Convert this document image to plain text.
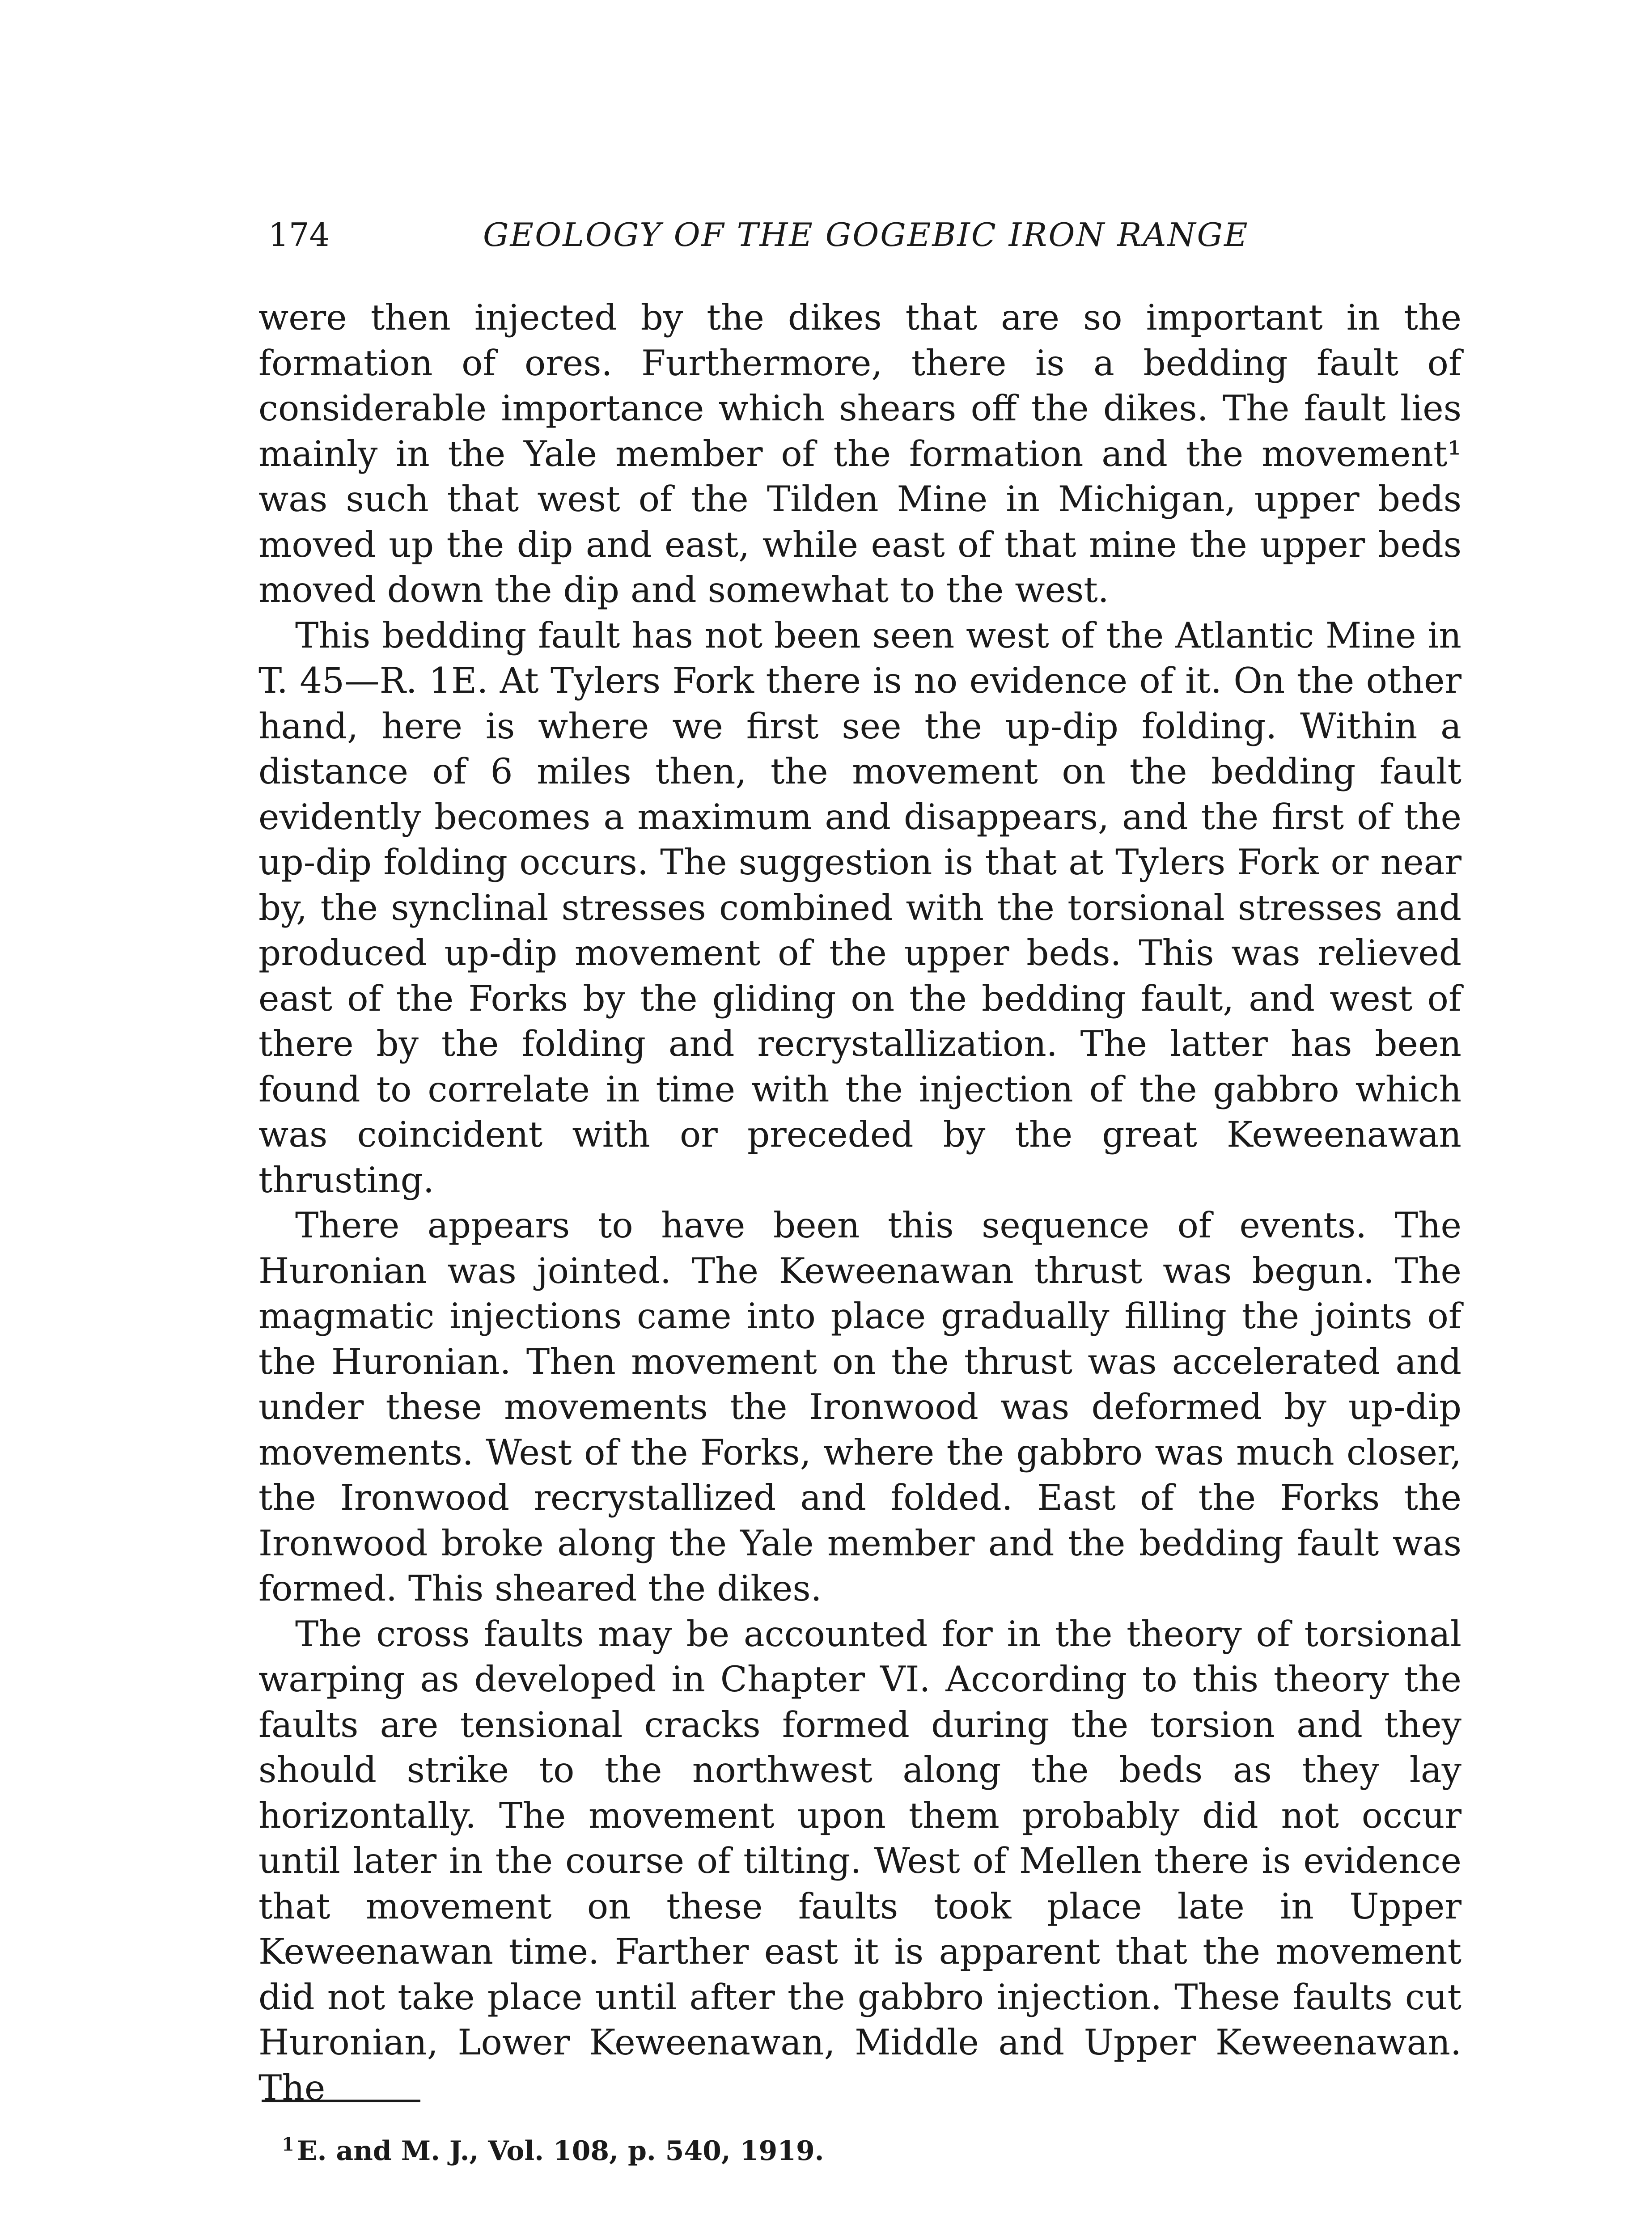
174	GEOLOGY OF THE GOGEBIC IRON RANGE

were then injected by the dikes that are so important in the formation of ores. Furthermore, there is a bedding fault of considerable importance which shears off the dikes. The fault lies mainly in the Yale member of the formation and the movement¹ was such that west of the Tilden Mine in Michigan, upper beds moved up the dip and east, while east of that mine the upper beds moved down the dip and somewhat to the west.

This bedding fault has not been seen west of the Atlantic Mine in T. 45—R. 1E. At Tylers Fork there is no evidence of it. On the other hand, here is where we first see the up-dip folding. Within a distance of 6 miles then, the movement on the bedding fault evidently becomes a maximum and disappears, and the first of the up-dip folding occurs. The suggestion is that at Tylers Fork or near by, the synclinal stresses combined with the torsional stresses and produced up-dip movement of the upper beds. This was relieved east of the Forks by the gliding on the bedding fault, and west of there by the folding and recrystallization. The latter has been found to correlate in time with the injection of the gabbro which was coincident with or preceded by the great Keweenawan thrusting.

There appears to have been this sequence of events. The Huronian was jointed. The Keweenawan thrust was begun. The magmatic injections came into place gradually filling the joints of the Huronian. Then movement on the thrust was accelerated and under these movements the Ironwood was deformed by up-dip movements. West of the Forks, where the gabbro was much closer, the Ironwood recrystallized and folded. East of the Forks the Ironwood broke along the Yale member and the bedding fault was formed. This sheared the dikes.

The cross faults may be accounted for in the theory of torsional warping as developed in Chapter VI. According to this theory the faults are tensional cracks formed during the torsion and they should strike to the northwest along the beds as they lay horizontally. The movement upon them probably did not occur until later in the course of tilting. West of Mellen there is evidence that movement on these faults took place late in Upper Keweenawan time. Farther east it is apparent that the movement did not take place until after the gabbro injection. These faults cut Huronian, Lower Keweenawan, Middle and Upper Keweenawan. The

$^1$ E. and M. J., Vol. 108, p. 540, 1919.
